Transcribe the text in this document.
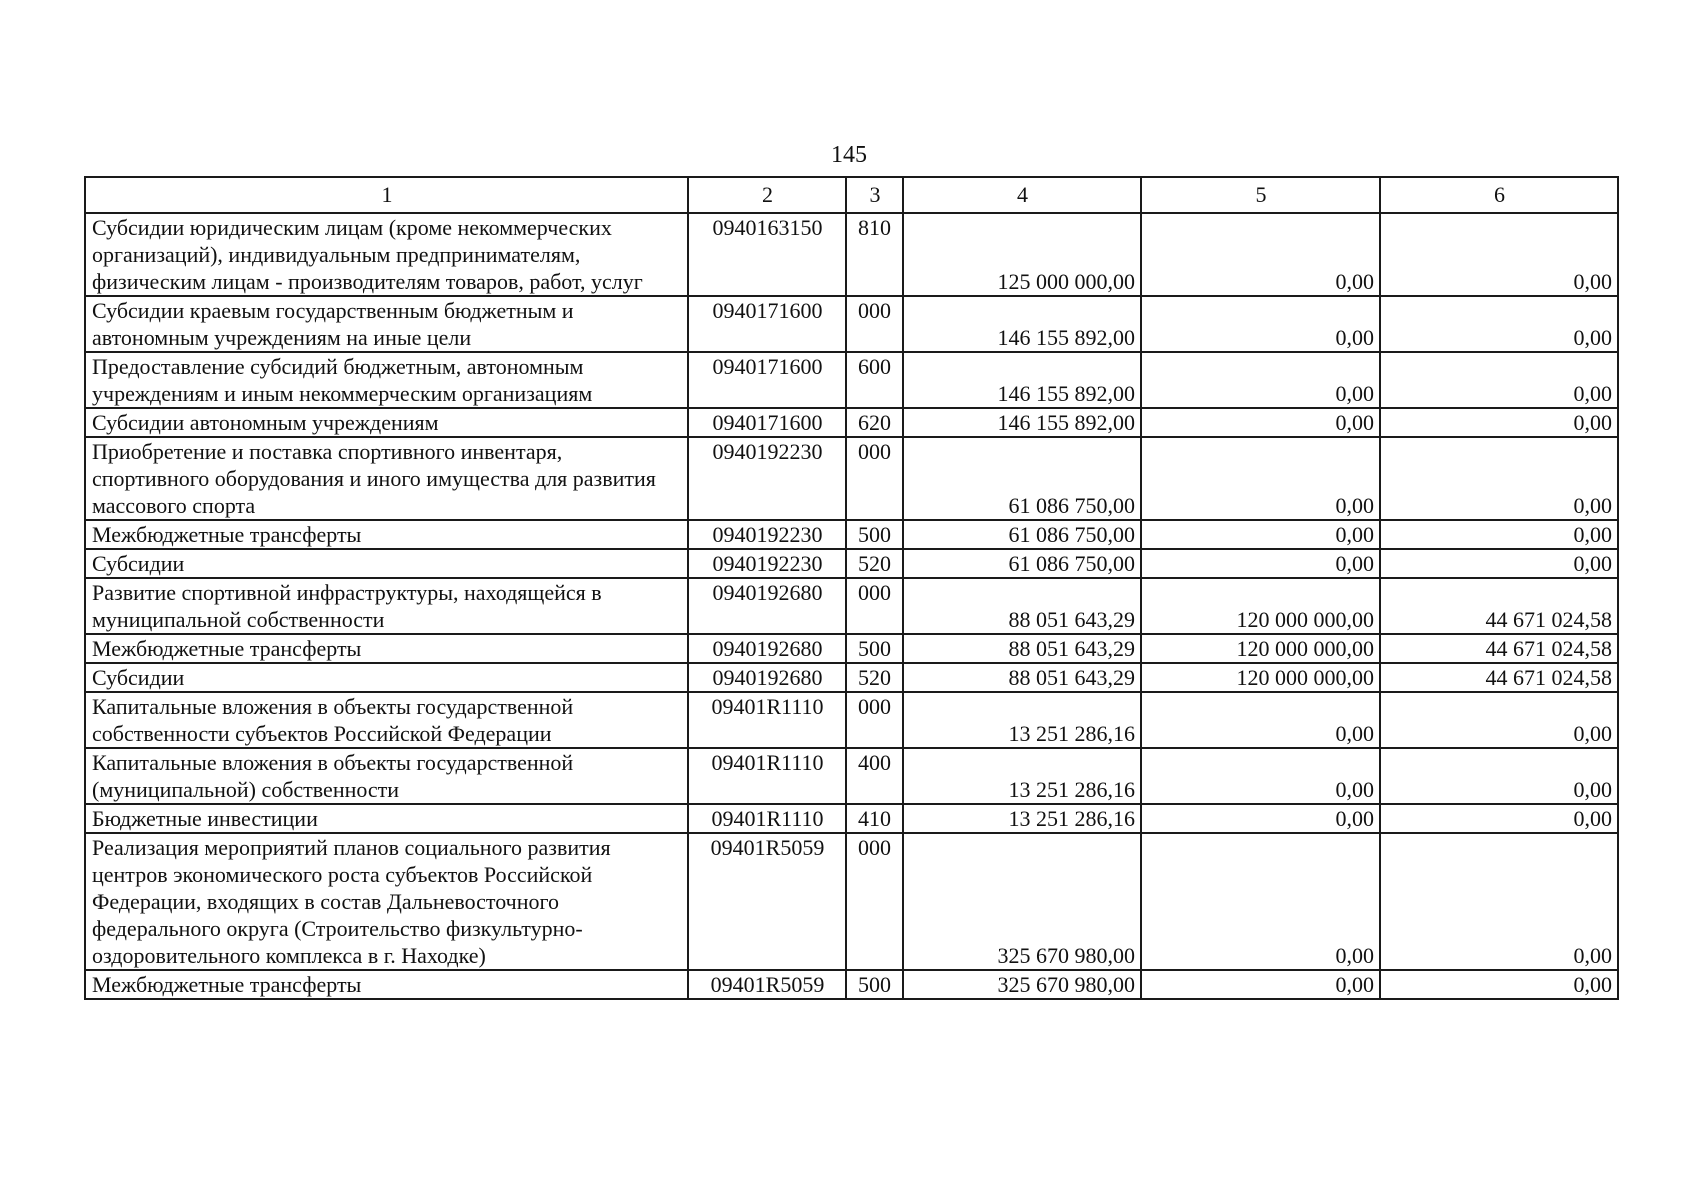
145
1	2	3	4	5	6
Субсидии юридическим лицам (кроме некоммерческих организаций), индивидуальным предпринимателям, физическим лицам - производителям товаров, работ, услуг	0940163150	810	125 000 000,00	0,00	0,00
Субсидии краевым государственным бюджетным и автономным учреждениям на иные цели	0940171600	000	146 155 892,00	0,00	0,00
Предоставление субсидий бюджетным, автономным учреждениям и иным некоммерческим организациям	0940171600	600	146 155 892,00	0,00	0,00
Субсидии автономным учреждениям	0940171600	620	146 155 892,00	0,00	0,00
Приобретение и поставка спортивного инвентаря, спортивного оборудования и иного имущества для развития массового спорта	0940192230	000	61 086 750,00	0,00	0,00
Межбюджетные трансферты	0940192230	500	61 086 750,00	0,00	0,00
Субсидии	0940192230	520	61 086 750,00	0,00	0,00
Развитие спортивной инфраструктуры, находящейся в муниципальной собственности	0940192680	000	88 051 643,29	120 000 000,00	44 671 024,58
Межбюджетные трансферты	0940192680	500	88 051 643,29	120 000 000,00	44 671 024,58
Субсидии	0940192680	520	88 051 643,29	120 000 000,00	44 671 024,58
Капитальные вложения в объекты государственной собственности субъектов Российской Федерации	09401R1110	000	13 251 286,16	0,00	0,00
Капитальные вложения в объекты государственной (муниципальной) собственности	09401R1110	400	13 251 286,16	0,00	0,00
Бюджетные инвестиции	09401R1110	410	13 251 286,16	0,00	0,00
Реализация мероприятий планов социального развития центров экономического роста субъектов Российской Федерации, входящих в состав Дальневосточного федерального округа (Строительство физкультурно-оздоровительного комплекса в г. Находке)	09401R5059	000	325 670 980,00	0,00	0,00
Межбюджетные трансферты	09401R5059	500	325 670 980,00	0,00	0,00
